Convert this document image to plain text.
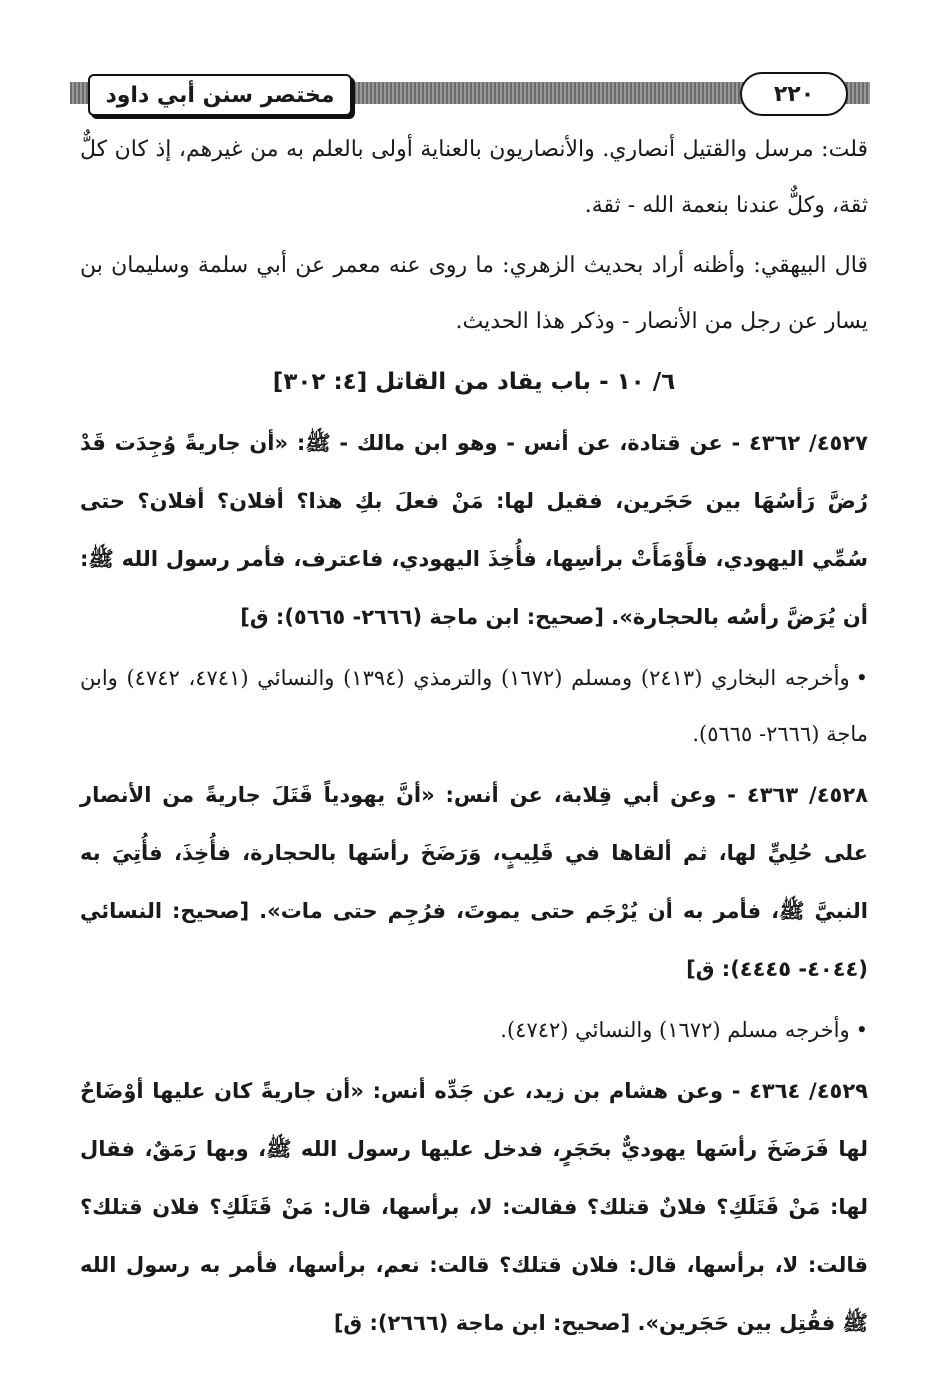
مختصر سنن أبي داود	٢٢٠

قلت: مرسل والقتيل أنصاري. والأنصاريون بالعناية أولى بالعلم به من غيرهم، إذ كان كلٌّ ثقة، وكلٌّ عندنا بنعمة الله - ثقة.

قال البيهقي: وأظنه أراد بحديث الزهري: ما روى عنه معمر عن أبي سلمة وسليمان بن يسار عن رجل من الأنصار - وذكر هذا الحديث.

٦/ ١٠ - باب يقاد من القاتل [٤: ٣٠٢]

٤٥٢٧/ ٤٣٦٢ - عن قتادة، عن أنس - وهو ابن مالك - ﷺ: «أن جاريةً وُجِدَت قَدْ رُضَّ رَأسُهَا بين حَجَرين، فقيل لها: مَنْ فعلَ بكِ هذا؟ أفلان؟ أفلان؟ حتى سُمِّي اليهودي، فأَوْمَأَتْ برأسِها، فأُخِذَ اليهودي، فاعترف، فأمر رسول الله ﷺ: أن يُرَضَّ رأسُه بالحجارة». [صحيح: ابن ماجة (٢٦٦٦- ٥٦٦٥): ق]

•وأخرجه البخاري (٢٤١٣) ومسلم (١٦٧٢) والترمذي (١٣٩٤) والنسائي (٤٧٤١، ٤٧٤٢) وابن ماجة (٢٦٦٦- ٥٦٦٥).

٤٥٢٨/ ٤٣٦٣ - وعن أبي قِلابة، عن أنس: «أنَّ يهودياً قَتَلَ جاريةً من الأنصار على حُلِيٍّ لها، ثم ألقاها في قَلِيبٍ، وَرَضَخَ رأسَها بالحجارة، فأُخِذَ، فأُتِيَ به النبيَّ ﷺ، فأمر به أن يُرْجَم حتى يموتَ، فرُجِم حتى مات». [صحيح: النسائي (٤٠٤٤- ٤٤٤٥): ق]

•وأخرجه مسلم (١٦٧٢) والنسائي (٤٧٤٢).

٤٥٢٩/ ٤٣٦٤ - وعن هشام بن زيد، عن جَدِّه أنس: «أن جاريةً كان عليها أوْضَاحٌ لها فَرَضَخَ رأسَها يهوديٌّ بحَجَرٍ، فدخل عليها رسول الله ﷺ، وبها رَمَقٌ، فقال لها: مَنْ قَتَلَكِ؟ فلانٌ قتلك؟ فقالت: لا، برأسها، قال: مَنْ قَتَلَكِ؟ فلان قتلك؟ قالت: لا، برأسها، قال: فلان قتلك؟ قالت: نعم، برأسها، فأمر به رسول الله ﷺ فقُتِل بين حَجَرين». [صحيح: ابن ماجة (٢٦٦٦): ق]
